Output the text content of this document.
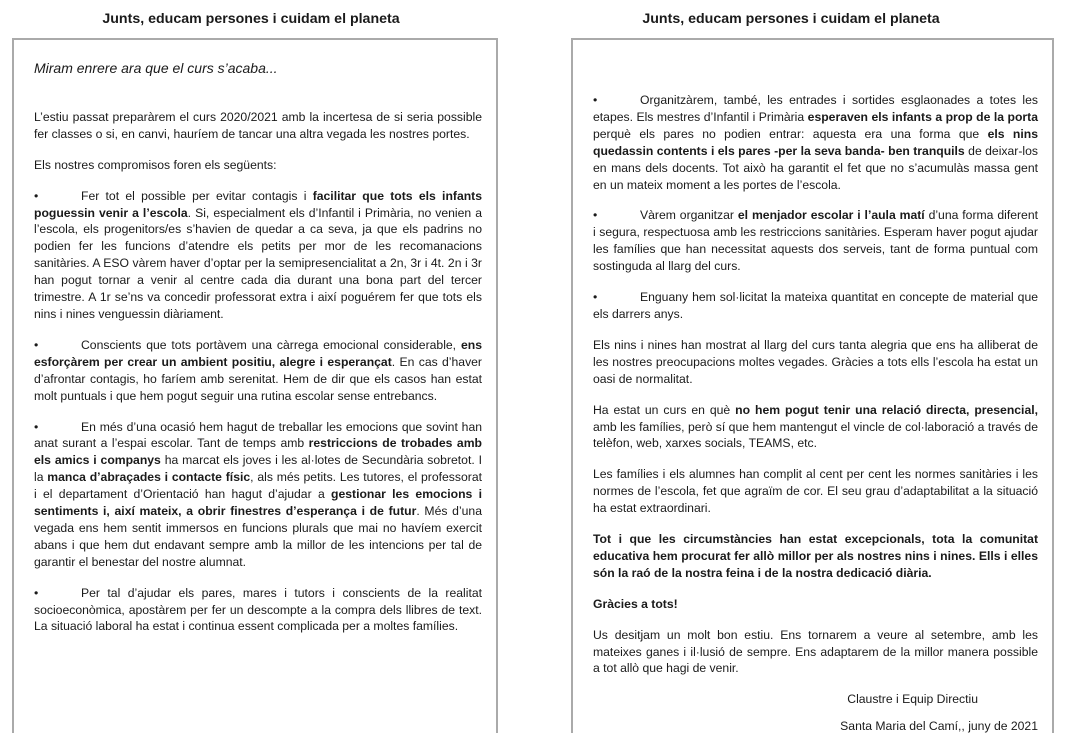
Junts, educam persones i cuidam el planeta	Junts, educam persones i cuidam el planeta

Miram enrere ara que el curs s’acaba...

L’estiu passat preparàrem el curs 2020/2021 amb la incertesa de si seria possible fer classes o si, en canvi, hauríem de tancar una altra vegada les nostres portes.

Els nostres compromisos foren els següents:

• Fer tot el possible per evitar contagis i facilitar que tots els infants poguessin venir a l’escola. Si, especialment els d’Infantil i Primària, no venien a l’escola, els progenitors/es s’havien de quedar a ca seva, ja que els padrins no podien fer les funcions d’atendre els petits per mor de les recomanacions sanitàries. A ESO vàrem haver d’optar per la semipresencialitat a 2n, 3r i 4t. 2n i 3r han pogut tornar a venir al centre cada dia durant una bona part del tercer trimestre. A 1r se’ns va concedir professorat extra i així poguérem fer que tots els nins i nines venguessin diàriament.

• Conscients que tots portàvem una càrrega emocional considerable, ens esforçàrem per crear un ambient positiu, alegre i esperançat. En cas d’haver d’afrontar contagis, ho faríem amb serenitat. Hem de dir que els casos han estat molt puntuals i que hem pogut seguir una rutina escolar sense entrebancs.

• En més d’una ocasió hem hagut de treballar les emocions que sovint han anat surant a l’espai escolar. Tant de temps amb restriccions de trobades amb els amics i companys ha marcat els joves i les al·lotes de Secundària sobretot. I la manca d’abraçades i contacte físic, als més petits. Les tutores, el professorat i el departament d’Orientació han hagut d’ajudar a gestionar les emocions i sentiments i, així mateix, a obrir finestres d’esperança i de futur. Més d’una vegada ens hem sentit immersos en funcions plurals que mai no havíem exercit abans i que hem dut endavant sempre amb la millor de les intencions per tal de garantir el benestar del nostre alumnat.

• Per tal d’ajudar els pares, mares i tutors i conscients de la realitat socioeconòmica, apostàrem per fer un descompte a la compra dels llibres de text. La situació laboral ha estat i continua essent complicada per a moltes famílies.

• Organitzàrem, també, les entrades i sortides esglaonades a totes les etapes. Els mestres d’Infantil i Primària esperaven els infants a prop de la porta perquè els pares no podien entrar: aquesta era una forma que els nins quedassin contents i els pares -per la seva banda- ben tranquils de deixar-los en mans dels docents. Tot això ha garantit el fet que no s’acumulàs massa gent en un mateix moment a les portes de l’escola.

• Vàrem organitzar el menjador escolar i l’aula matí d’una forma diferent i segura, respectuosa amb les restriccions sanitàries. Esperam haver pogut ajudar les famílies que han necessitat aquests dos serveis, tant de forma puntual com sostinguda al llarg del curs.

• Enguany hem sol·licitat la mateixa quantitat en concepte de material que els darrers anys.

Els nins i nines han mostrat al llarg del curs tanta alegria que ens ha alliberat de les nostres preocupacions moltes vegades. Gràcies a tots ells l’escola ha estat un oasi de normalitat.

Ha estat un curs en què no hem pogut tenir una relació directa, presencial, amb les famílies, però sí que hem mantengut el vincle de col·laboració a través de telèfon, web, xarxes socials, TEAMS, etc.

Les famílies i els alumnes han complit al cent per cent les normes sanitàries i les normes de l’escola, fet que agraïm de cor. El seu grau d’adaptabilitat a la situació ha estat extraordinari.

Tot i que les circumstàncies han estat excepcionals, tota la comunitat educativa hem procurat fer allò millor per als nostres nins i nines. Ells i elles són la raó de la nostra feina i de la nostra dedicació diària.

Gràcies a tots!

Us desitjam un molt bon estiu. Ens tornarem a veure al setembre, amb les mateixes ganes i il·lusió de sempre. Ens adaptarem de la millor manera possible a tot allò que hagi de venir.

Claustre i Equip Directiu

Santa Maria del Camí,, juny de 2021
